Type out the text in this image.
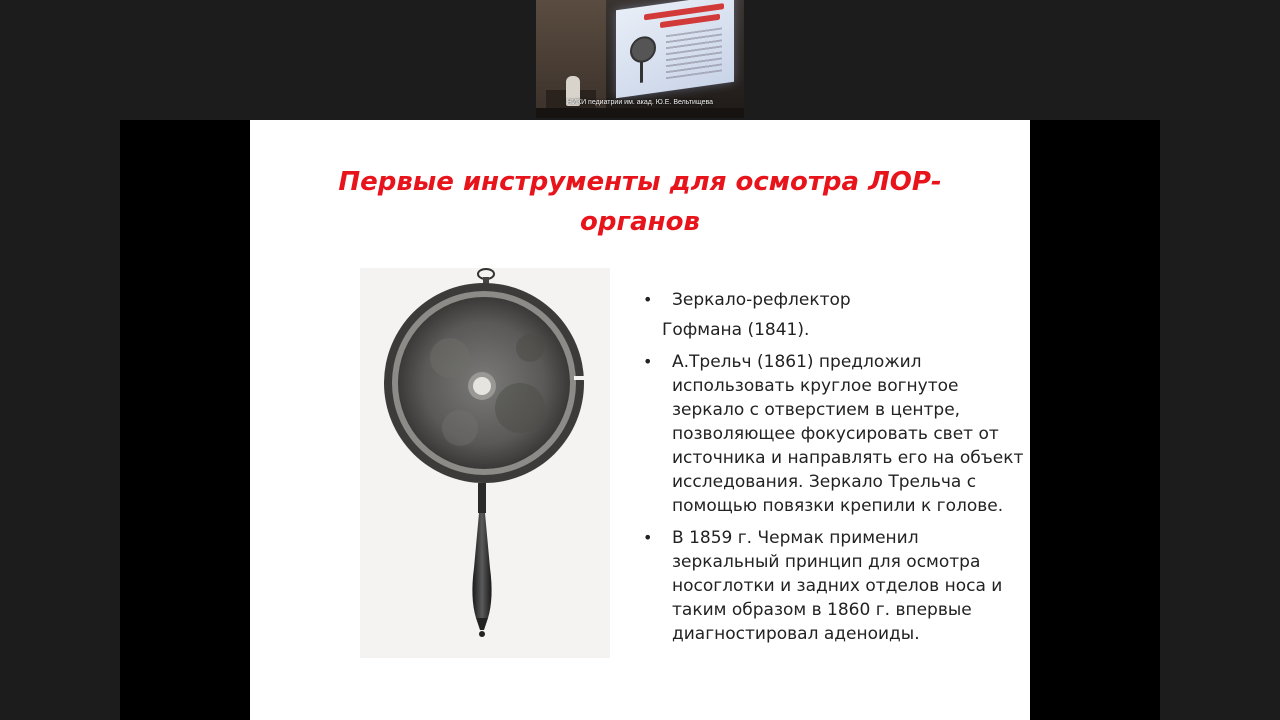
НИКИ педиатрии им. акад. Ю.Е. Вельтищева
Первые инструменты для осмотра ЛОР-
органов
• Зеркало-рефлектор
Гофмана (1841).
• А.Трельч (1861) предложил
использовать круглое вогнутое
зеркало с отверстием в центре,
позволяющее фокусировать свет от
источника и направлять его на объект
исследования. Зеркало Трельча с
помощью повязки крепили к голове.
• В 1859 г. Чермак применил
зеркальный принцип для осмотра
носоглотки и задних отделов носа и
таким образом в 1860 г. впервые
диагностировал аденоиды.
